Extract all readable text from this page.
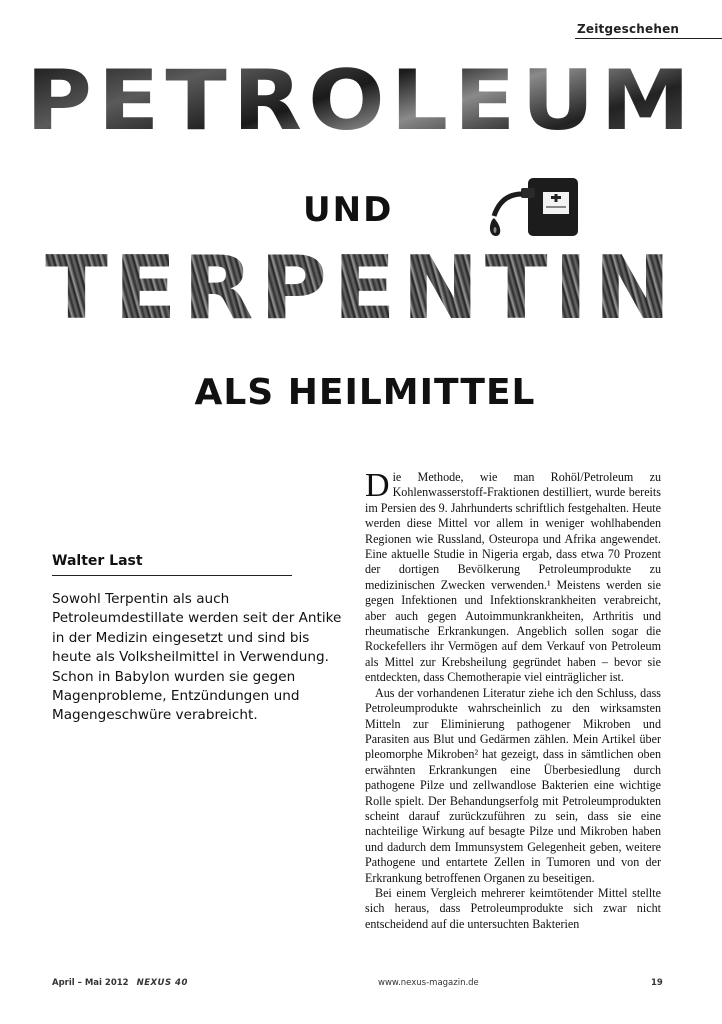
Zeitgeschehen
PETROLEUM
UND
TERPENTIN
ALS HEILMITTEL
Walter Last
Sowohl Terpentin als auch Petroleumdestillate werden seit der Antike in der Medizin eingesetzt und sind bis heute als Volksheilmittel in Verwendung. Schon in Babylon wurden sie gegen Magenprobleme, Entzündungen und Magengeschwüre verabreicht.

Die Methode, wie man Rohöl/Petroleum zu Kohlenwasserstoff-Fraktionen destilliert, wurde bereits im Persien des 9. Jahrhunderts schriftlich festgehalten. Heute werden diese Mittel vor allem in weniger wohlhabenden Regionen wie Russland, Osteuropa und Afrika angewendet. Eine aktuelle Studie in Nigeria ergab, dass etwa 70 Prozent der dortigen Bevölkerung Petroleumprodukte zu medizinischen Zwecken verwenden.¹ Meistens werden sie gegen Infektionen und Infektionskrankheiten verabreicht, aber auch gegen Autoimmunkrankheiten, Arthritis und rheumatische Erkrankungen. Angeblich sollen sogar die Rockefellers ihr Vermögen auf dem Verkauf von Petroleum als Mittel zur Krebsheilung gegründet haben – bevor sie entdeckten, dass Chemotherapie viel einträglicher ist.

Aus der vorhandenen Literatur ziehe ich den Schluss, dass Petroleumprodukte wahrscheinlich zu den wirksamsten Mitteln zur Eliminierung pathogener Mikroben und Parasiten aus Blut und Gedärmen zählen. Mein Artikel über pleomorphe Mikroben² hat gezeigt, dass in sämtlichen oben erwähnten Erkrankungen eine Überbesiedlung durch pathogene Pilze und zellwandlose Bakterien eine wichtige Rolle spielt. Der Behandungserfolg mit Petroleumprodukten scheint darauf zurückzuführen zu sein, dass sie eine nachteilige Wirkung auf besagte Pilze und Mikroben haben und dadurch dem Immunsystem Gelegenheit geben, weitere Pathogene und entartete Zellen in Tumoren und von der Erkrankung betroffenen Organen zu beseitigen.

Bei einem Vergleich mehrerer keimtötender Mittel stellte sich heraus, dass Petroleumprodukte sich zwar nicht entscheidend auf die untersuchten Bakterien

April – Mai 2012 NEXUS 40	www.nexus-magazin.de	19
